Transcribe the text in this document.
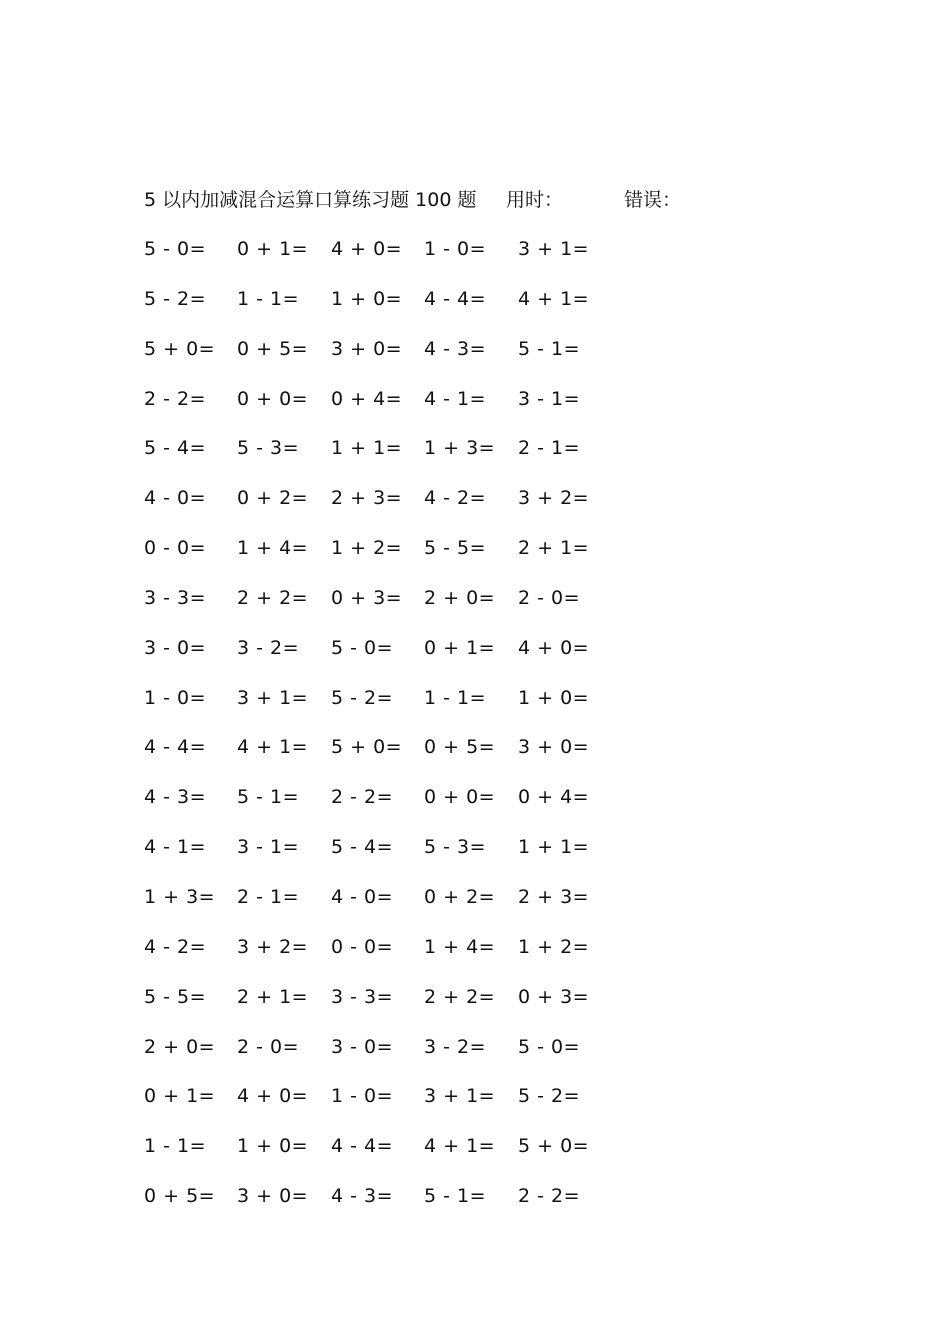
5 以内加减混合运算口算练习题 100 题 用时：	错误：
5 - 0= 0 + 1= 4 + 0= 1 - 0= 3 + 1=
5 - 2= 1 - 1= 1 + 0= 4 - 4= 4 + 1=
5 + 0= 0 + 5= 3 + 0= 4 - 3= 5 - 1=
2 - 2= 0 + 0= 0 + 4= 4 - 1= 3 - 1=
5 - 4= 5 - 3= 1 + 1= 1 + 3= 2 - 1=
4 - 0= 0 + 2= 2 + 3= 4 - 2= 3 + 2=
0 - 0= 1 + 4= 1 + 2= 5 - 5= 2 + 1=
3 - 3= 2 + 2= 0 + 3= 2 + 0= 2 - 0=
3 - 0= 3 - 2= 5 - 0= 0 + 1= 4 + 0=
1 - 0= 3 + 1= 5 - 2= 1 - 1= 1 + 0=
4 - 4= 4 + 1= 5 + 0= 0 + 5= 3 + 0=
4 - 3= 5 - 1= 2 - 2= 0 + 0= 0 + 4=
4 - 1= 3 - 1= 5 - 4= 5 - 3= 1 + 1=
1 + 3= 2 - 1= 4 - 0= 0 + 2= 2 + 3=
4 - 2= 3 + 2= 0 - 0= 1 + 4= 1 + 2=
5 - 5= 2 + 1= 3 - 3= 2 + 2= 0 + 3=
2 + 0= 2 - 0= 3 - 0= 3 - 2= 5 - 0=
0 + 1= 4 + 0= 1 - 0= 3 + 1= 5 - 2=
1 - 1= 1 + 0= 4 - 4= 4 + 1= 5 + 0=
0 + 5= 3 + 0= 4 - 3= 5 - 1= 2 - 2=
